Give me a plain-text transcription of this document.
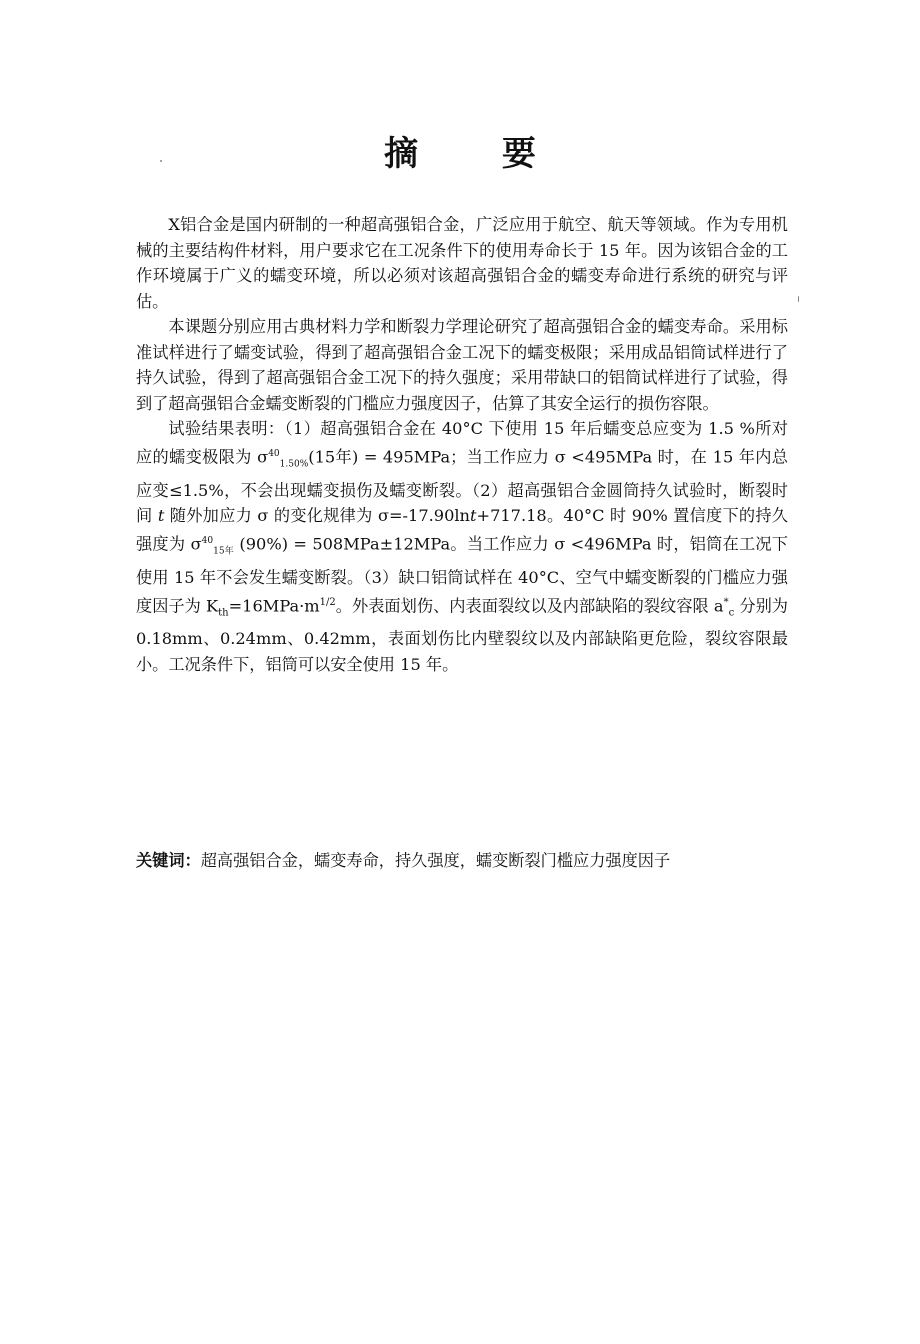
摘 要

X铝合金是国内研制的一种超高强铝合金，广泛应用于航空、航天等领域。作为专用机械的主要结构件材料，用户要求它在工况条件下的使用寿命长于 15 年。因为该铝合金的工作环境属于广义的蠕变环境，所以必须对该超高强铝合金的蠕变寿命进行系统的研究与评估。

本课题分别应用古典材料力学和断裂力学理论研究了超高强铝合金的蠕变寿命。采用标准试样进行了蠕变试验，得到了超高强铝合金工况下的蠕变极限；采用成品铝筒试样进行了持久试验，得到了超高强铝合金工况下的持久强度；采用带缺口的铝筒试样进行了试验，得到了超高强铝合金蠕变断裂的门槛应力强度因子，估算了其安全运行的损伤容限。

试验结果表明：（1）超高强铝合金在 40°C 下使用 15 年后蠕变总应变为 1.5 %所对应的蠕变极限为 $\sigma^{40}_{1.50\%}(15$年) = 495MPa；当工作应力 σ <495MPa 时，在 15 年内总应变≤1.5%，不会出现蠕变损伤及蠕变断裂。（2）超高强铝合金圆筒持久试验时，断裂时间 t 随外加应力 σ 的变化规律为 σ=-17.90lnt+717.18。40°C 时 90% 置信度下的持久强度为 $\sigma^{40}_{15年}$ (90%) = 508MPa±12MPa。当工作应力 σ <496MPa 时，铝筒在工况下使用 15 年不会发生蠕变断裂。（3）缺口铝筒试样在 40°C、空气中蠕变断裂的门槛应力强度因子为 $K_{th}=16MPa\cdot m^{1/2}$。外表面划伤、内表面裂纹以及内部缺陷的裂纹容限 $a^*_c$ 分别为 0.18mm、0.24mm、0.42mm，表面划伤比内壁裂纹以及内部缺陷更危险，裂纹容限最小。工况条件下，铝筒可以安全使用 15 年。

关键词：超高强铝合金，蠕变寿命，持久强度，蠕变断裂门槛应力强度因子
